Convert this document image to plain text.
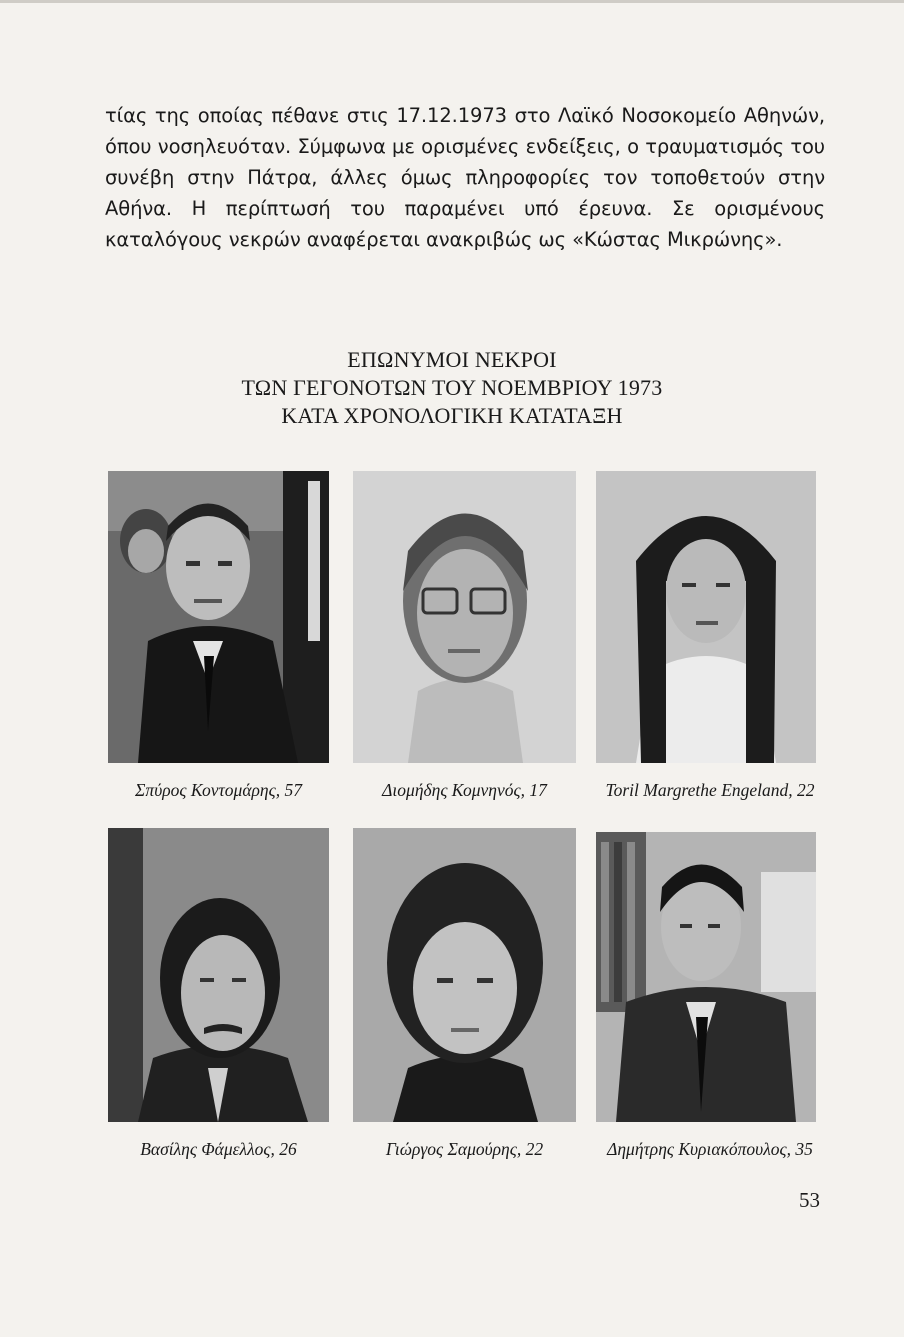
τίας της οποίας πέθανε στις 17.12.1973 στο Λαϊκό Νοσοκομείο Αθηνών, όπου νοσηλευόταν. Σύμφωνα με ορισμένες ενδείξεις, ο τραυματισμός του συνέβη στην Πάτρα, άλλες όμως πληροφορίες τον τοποθετούν στην Αθήνα. Η περίπτωσή του παραμένει υπό έρευνα. Σε ορισμένους καταλόγους νεκρών αναφέρεται ανακριβώς ως «Κώστας Μικρώνης».

ΕΠΩΝΥΜΟΙ ΝΕΚΡΟΙ
ΤΩΝ ΓΕΓΟΝΟΤΩΝ ΤΟΥ ΝΟΕΜΒΡΙΟΥ 1973
ΚΑΤΑ ΧΡΟΝΟΛΟΓΙΚΗ ΚΑΤΑΤΑΞΗ
Σπύρος Κοντομάρης, 57	Διομήδης Κομνηνός, 17	Toril Margrethe Engeland, 22
Βασίλης Φάμελλος, 26	Γιώργος Σαμούρης, 22	Δημήτρης Κυριακόπουλος, 35
53
